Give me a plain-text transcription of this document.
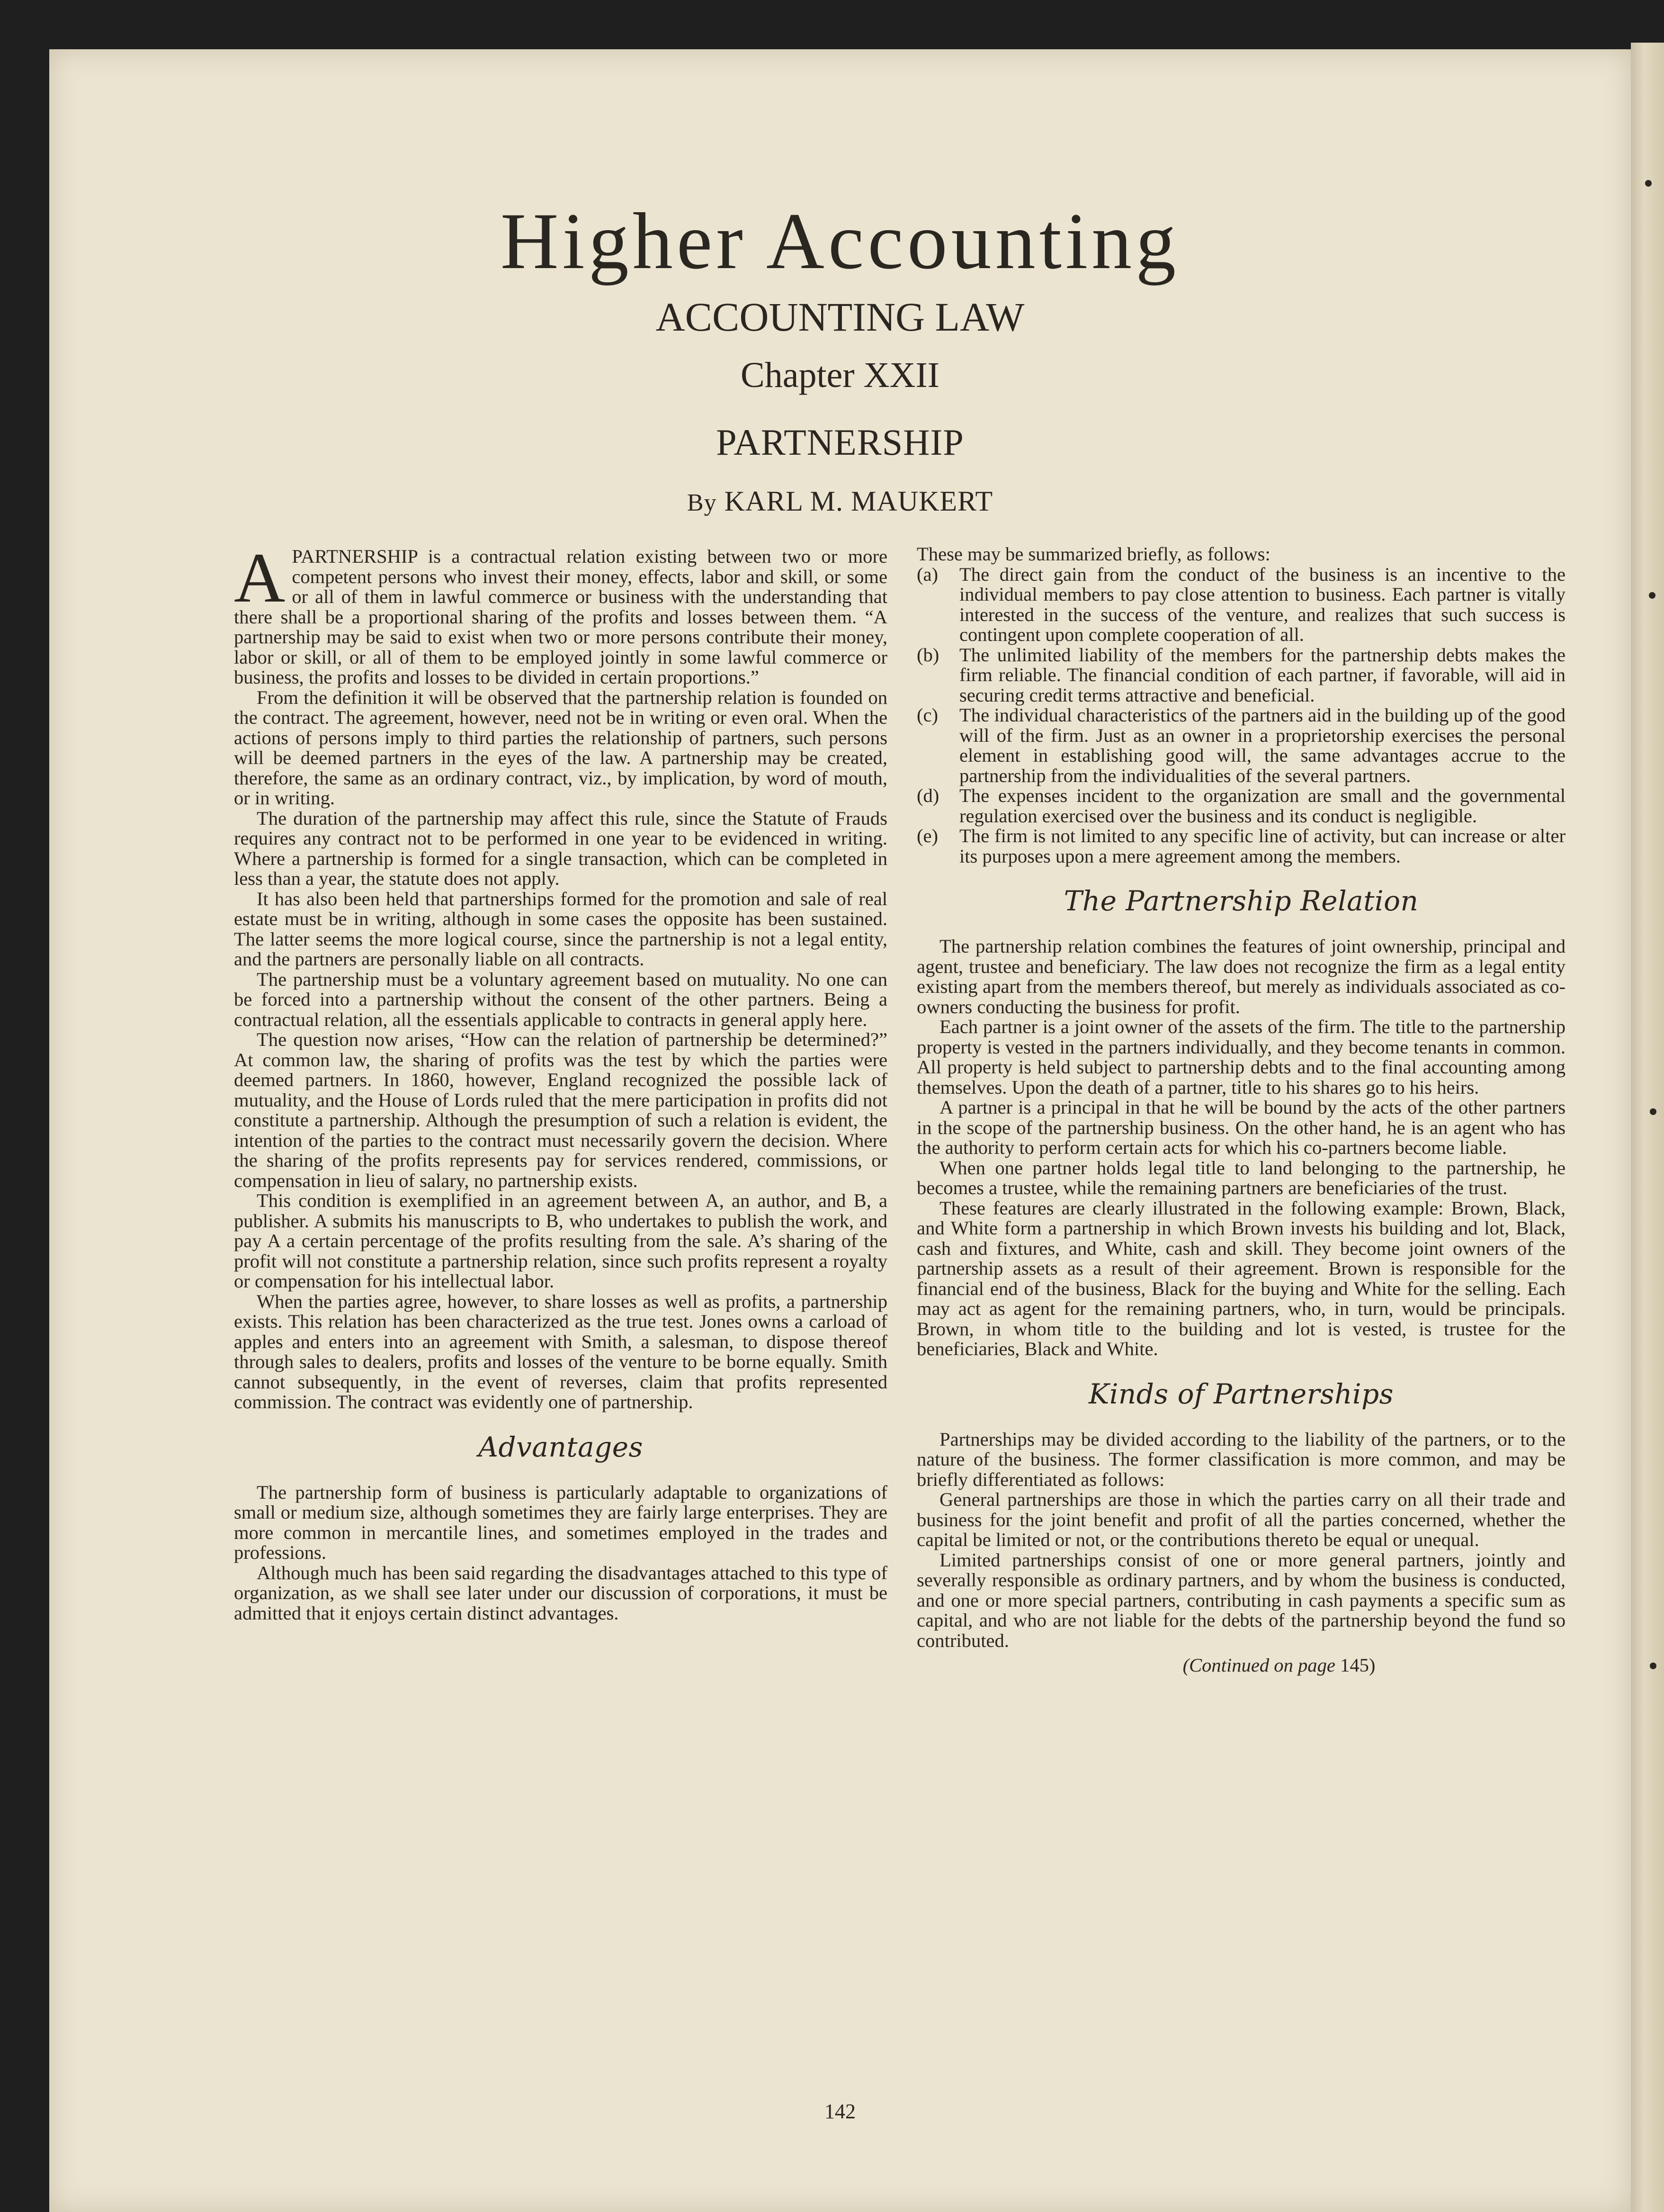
Higher Accounting
ACCOUNTING LAW
Chapter XXII
PARTNERSHIP
By KARL M. MAUKERT

APARTNERSHIP is a contractual relation existing between two or more competent persons who invest their money, effects, labor and skill, or some or all of them in lawful commerce or business with the understanding that there shall be a proportional sharing of the profits and losses between them. “A partnership may be said to exist when two or more persons contribute their money, labor or skill, or all of them to be employed jointly in some lawful commerce or business, the profits and losses to be divided in certain proportions.”

From the definition it will be observed that the partnership relation is founded on the contract. The agreement, however, need not be in writing or even oral. When the actions of persons imply to third parties the relationship of partners, such persons will be deemed partners in the eyes of the law. A partnership may be created, therefore, the same as an ordinary contract, viz., by implication, by word of mouth, or in writing.

The duration of the partnership may affect this rule, since the Statute of Frauds requires any contract not to be performed in one year to be evidenced in writing. Where a partnership is formed for a single transaction, which can be completed in less than a year, the statute does not apply.

It has also been held that partnerships formed for the promotion and sale of real estate must be in writing, although in some cases the opposite has been sustained. The latter seems the more logical course, since the partnership is not a legal entity, and the partners are personally liable on all contracts.

The partnership must be a voluntary agreement based on mutuality. No one can be forced into a partnership without the consent of the other partners. Being a contractual relation, all the essentials applicable to contracts in general apply here.

The question now arises, “How can the relation of partnership be determined?” At common law, the sharing of profits was the test by which the parties were deemed partners. In 1860, however, England recognized the possible lack of mutuality, and the House of Lords ruled that the mere participation in profits did not constitute a partnership. Although the presumption of such a relation is evident, the intention of the parties to the contract must necessarily govern the decision. Where the sharing of the profits represents pay for services rendered, commissions, or compensation in lieu of salary, no partnership exists.

This condition is exemplified in an agreement between A, an author, and B, a publisher. A submits his manuscripts to B, who undertakes to publish the work, and pay A a certain percentage of the profits resulting from the sale. A’s sharing of the profit will not constitute a partnership relation, since such profits represent a royalty or compensation for his intellectual labor.

When the parties agree, however, to share losses as well as profits, a partnership exists. This relation has been characterized as the true test. Jones owns a carload of apples and enters into an agreement with Smith, a salesman, to dispose thereof through sales to dealers, profits and losses of the venture to be borne equally. Smith cannot subsequently, in the event of reverses, claim that profits represented commission. The contract was evidently one of partnership.

Advantages

The partnership form of business is particularly adaptable to organizations of small or medium size, although sometimes they are fairly large enterprises. They are more common in mercantile lines, and sometimes employed in the trades and professions.

Although much has been said regarding the disadvantages attached to this type of organization, as we shall see later under our discussion of corporations, it must be admitted that it enjoys certain distinct advantages.

These may be summarized briefly, as follows:

(a)	The direct gain from the conduct of the business is an incentive to the individual members to pay close attention to business. Each partner is vitally interested in the success of the venture, and realizes that such success is contingent upon complete cooperation of all.
(b)	The unlimited liability of the members for the partnership debts makes the firm reliable. The financial condition of each partner, if favorable, will aid in securing credit terms attractive and beneficial.
(c)	The individual characteristics of the partners aid in the building up of the good will of the firm. Just as an owner in a proprietorship exercises the personal element in establishing good will, the same advantages accrue to the partnership from the individualities of the several partners.
(d)	The expenses incident to the organization are small and the governmental regulation exercised over the business and its conduct is negligible.
(e)	The firm is not limited to any specific line of activity, but can increase or alter its purposes upon a mere agreement among the members.
The Partnership Relation

The partnership relation combines the features of joint ownership, principal and agent, trustee and beneficiary. The law does not recognize the firm as a legal entity existing apart from the members thereof, but merely as individuals associated as co-owners conducting the business for profit.

Each partner is a joint owner of the assets of the firm. The title to the partnership property is vested in the partners individually, and they become tenants in common. All property is held subject to partnership debts and to the final accounting among themselves. Upon the death of a partner, title to his shares go to his heirs.

A partner is a principal in that he will be bound by the acts of the other partners in the scope of the partnership business. On the other hand, he is an agent who has the authority to perform certain acts for which his co-partners become liable.

When one partner holds legal title to land belonging to the partnership, he becomes a trustee, while the remaining partners are beneficiaries of the trust.

These features are clearly illustrated in the following example: Brown, Black, and White form a partnership in which Brown invests his building and lot, Black, cash and fixtures, and White, cash and skill. They become joint owners of the partnership assets as a result of their agreement. Brown is responsible for the financial end of the business, Black for the buying and White for the selling. Each may act as agent for the remaining partners, who, in turn, would be principals. Brown, in whom title to the building and lot is vested, is trustee for the beneficiaries, Black and White.

Kinds of Partnerships

Partnerships may be divided according to the liability of the partners, or to the nature of the business. The former classification is more common, and may be briefly differentiated as follows:

General partnerships are those in which the parties carry on all their trade and business for the joint benefit and profit of all the parties concerned, whether the capital be limited or not, or the contributions thereto be equal or unequal.

Limited partnerships consist of one or more general partners, jointly and severally responsible as ordinary partners, and by whom the business is conducted, and one or more special partners, contributing in cash payments a specific sum as capital, and who are not liable for the debts of the partnership beyond the fund so contributed.

(Continued on page 145)
142
